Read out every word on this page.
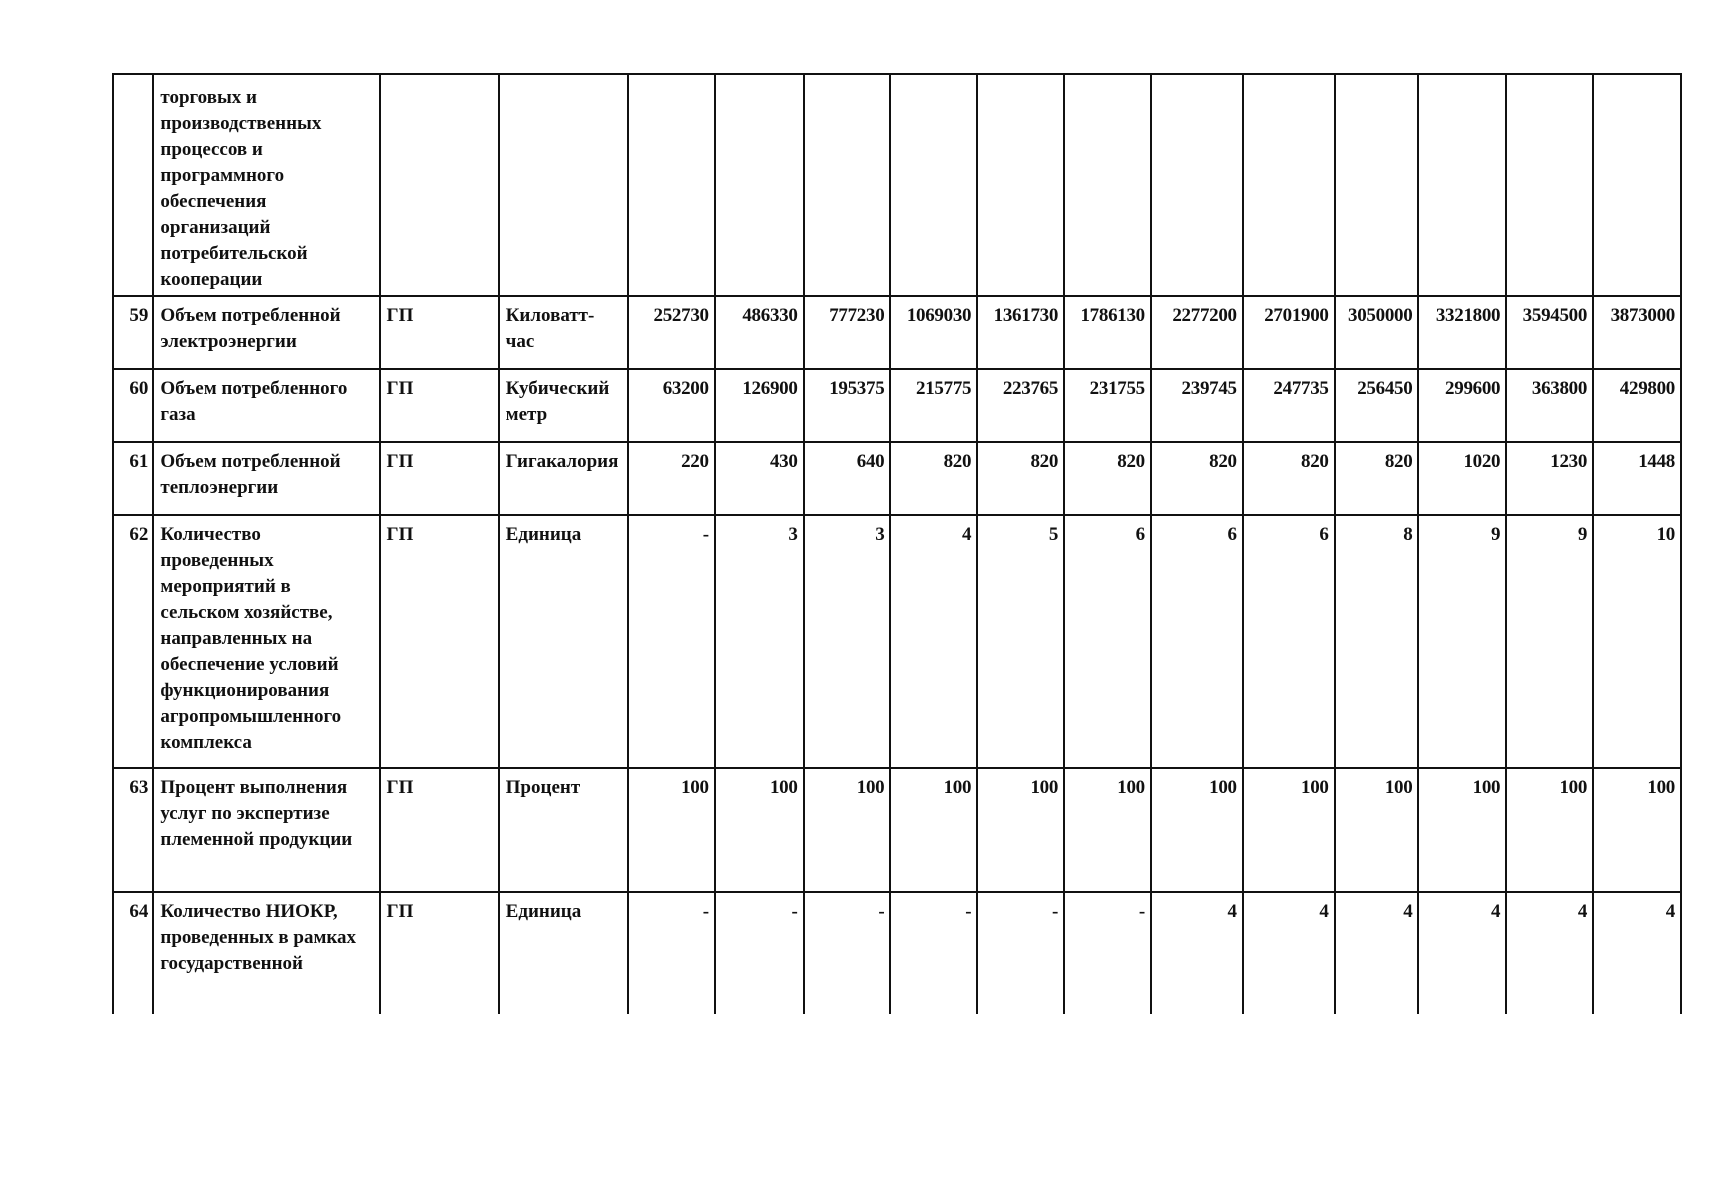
	торговых и производственных процессов и программного обеспечения организаций потребительской кооперации														
59	Объем потребленной электроэнергии	ГП	Киловатт-час	252730	486330	777230	1069030	1361730	1786130	2277200	2701900	3050000	3321800	3594500	3873000

60	Объем потребленного газа	ГП	Кубический метр	63200	126900	195375	215775	223765	231755	239745	247735	256450	299600	363800	429800
61	Объем потребленной теплоэнергии	ГП	Гигакалория	220	430	640	820	820	820	820	820	820	1020	1230	1448
62	Количество проведенных мероприятий в сельском хозяйстве, направленных на обеспечение условий функционирования агропромышленного комплекса	ГП	Единица	-	3	3	4	5	6	6	6	8	9	9	10
63	Процент выполнения услуг по экспертизе племенной продукции	ГП	Процент	100	100	100	100	100	100	100	100	100	100	100	100
64	Количество НИОКР, проведенных в рамках государственной	ГП	Единица	-	-	-	-	-	-	4	4	4	4	4	4
